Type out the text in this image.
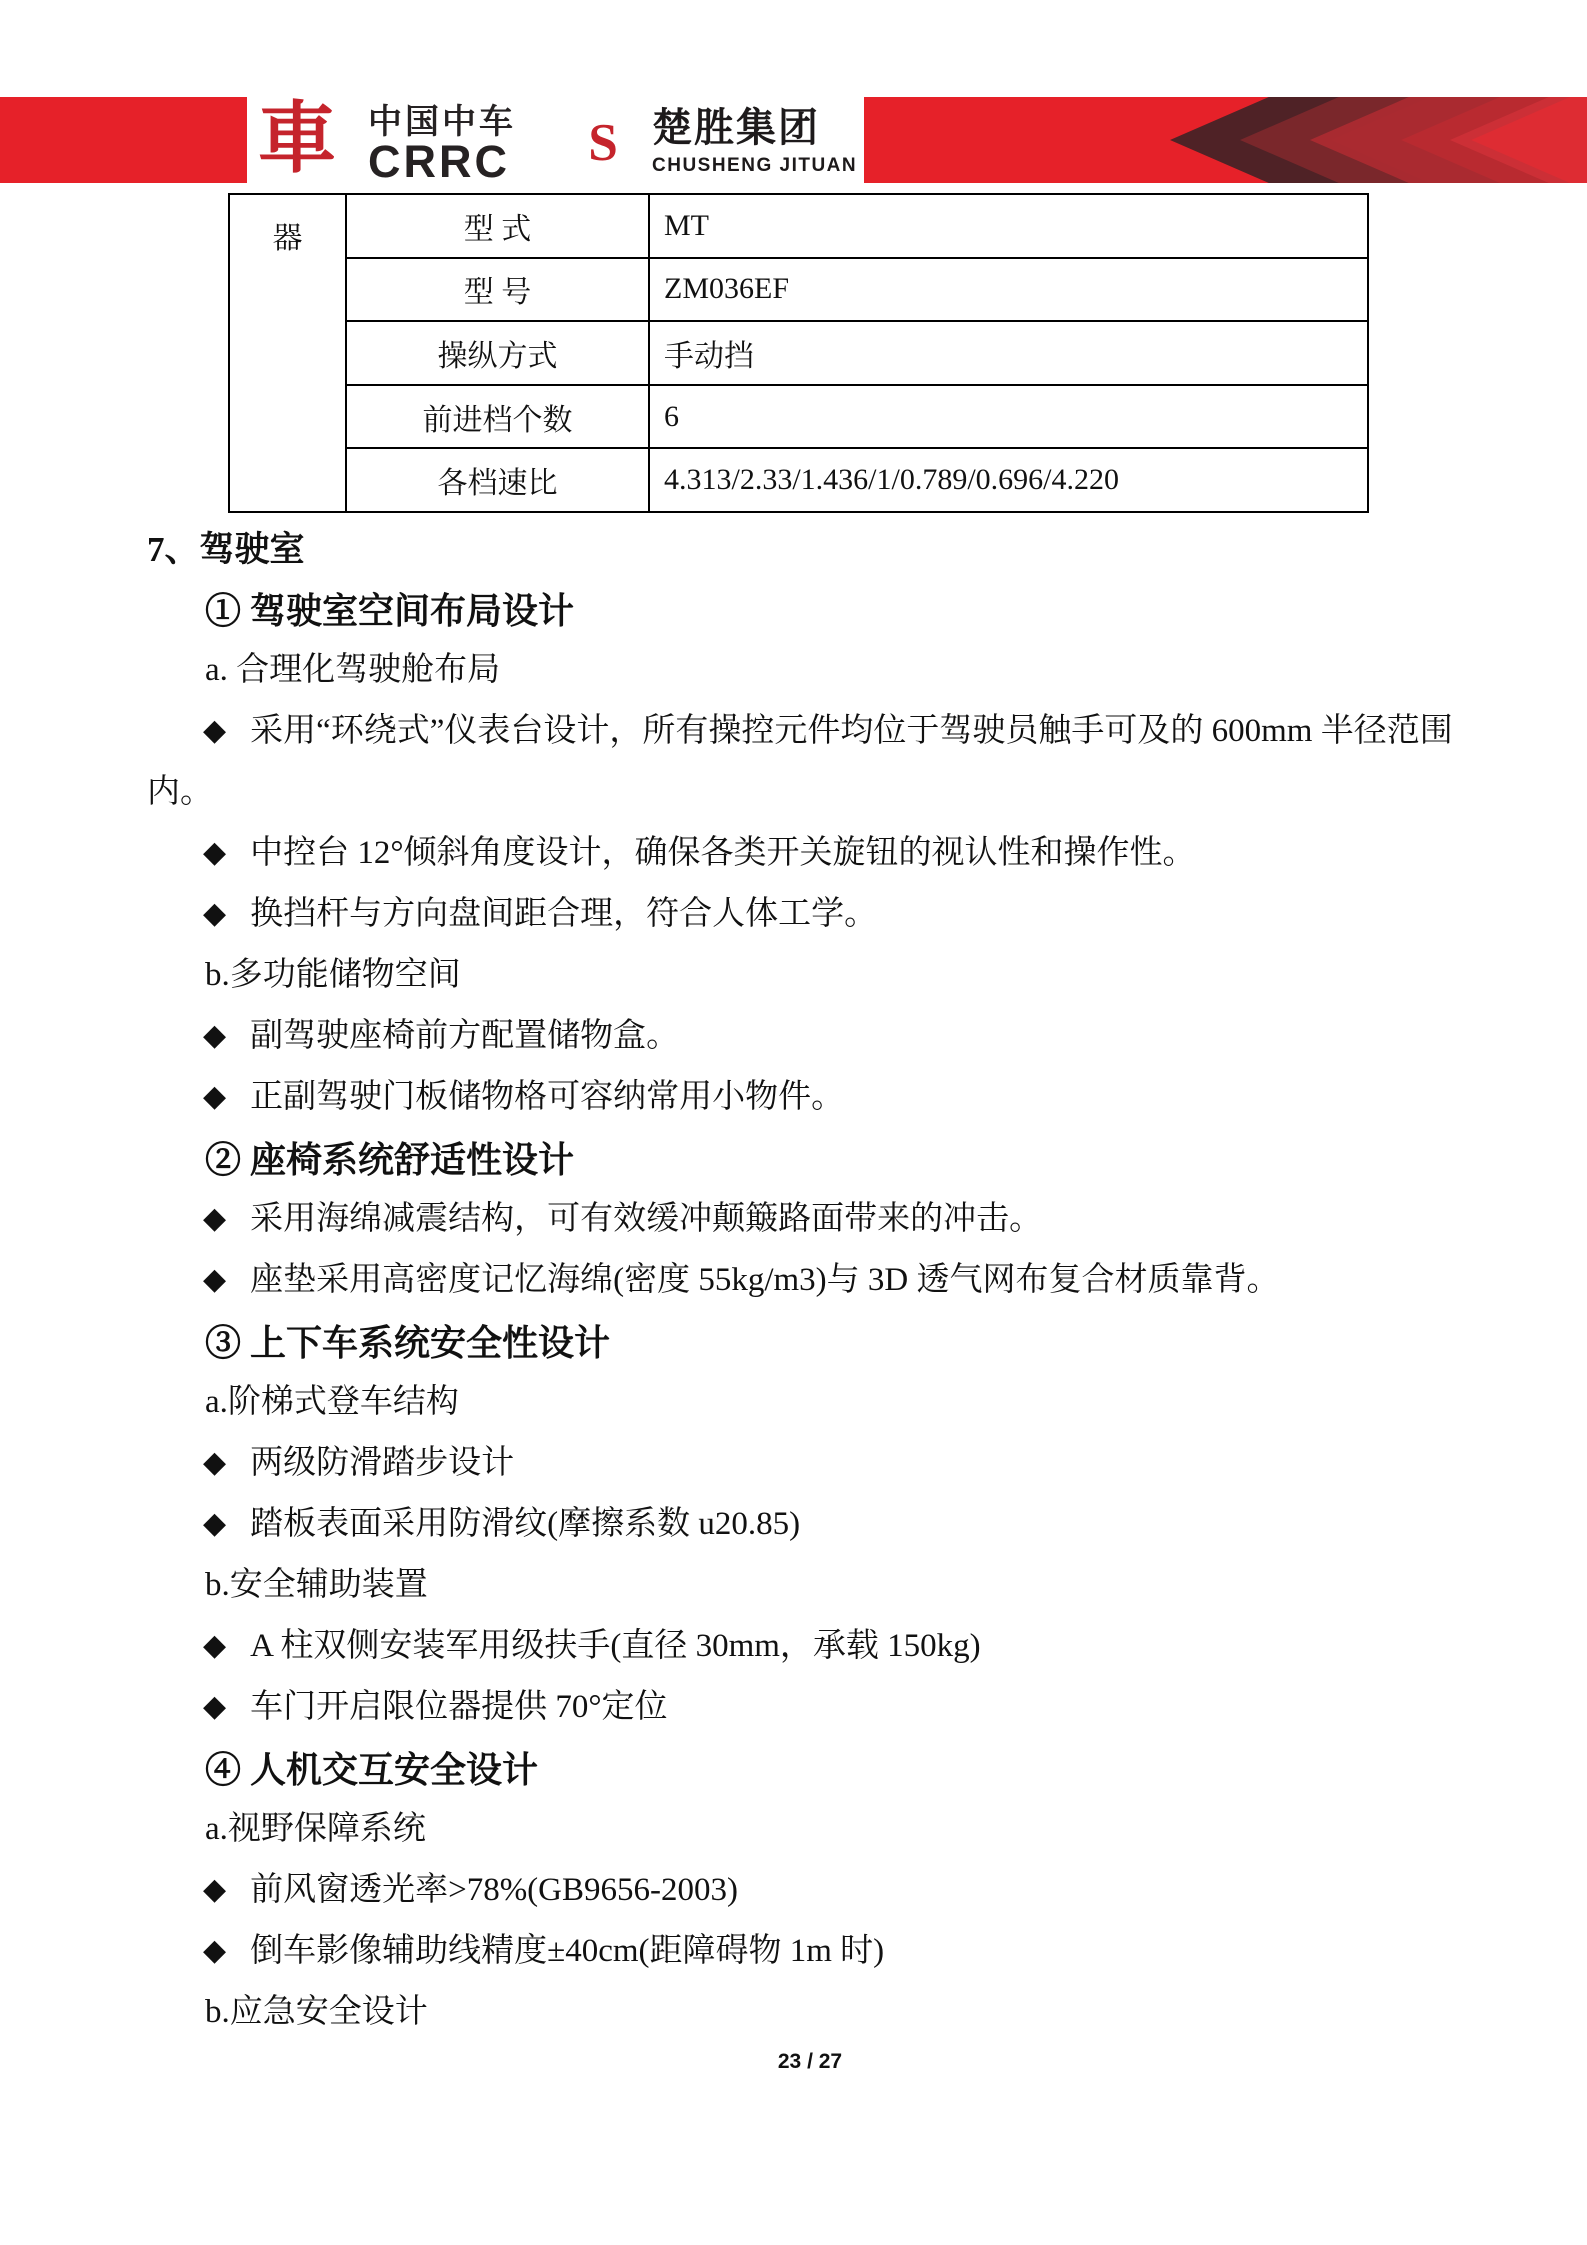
車 中国中车
CRRC S 楚胜集团
CHUSHENG JITUAN
器	型 式	MT
型 号	ZM036EF
操纵方式	手动挡
前进档个数	6
各档速比	4.313/2.33/1.436/1/0.789/0.696/4.220
7、驾驶室
① 驾驶室空间布局设计
a. 合理化驾驶舱布局
◆ 采用“环绕式”仪表台设计，所有操控元件均位于驾驶员触手可及的 600mm 半径范围
内。
◆ 中控台 12°倾斜角度设计，确保各类开关旋钮的视认性和操作性。
◆ 换挡杆与方向盘间距合理，符合人体工学。
b.多功能储物空间
◆ 副驾驶座椅前方配置储物盒。
◆ 正副驾驶门板储物格可容纳常用小物件。
② 座椅系统舒适性设计
◆ 采用海绵减震结构，可有效缓冲颠簸路面带来的冲击。
◆ 座垫采用高密度记忆海绵(密度 55kg/m3)与 3D 透气网布复合材质靠背。
③ 上下车系统安全性设计
a.阶梯式登车结构
◆ 两级防滑踏步设计
◆ 踏板表面采用防滑纹(摩擦系数 u20.85)
b.安全辅助装置
◆ A 柱双侧安装军用级扶手(直径 30mm，承载 150kg)
◆ 车门开启限位器提供 70°定位
④ 人机交互安全设计
a.视野保障系统
◆ 前风窗透光率>78%(GB9656-2003)
◆ 倒车影像辅助线精度±40cm(距障碍物 1m 时)
b.应急安全设计
23 / 27
